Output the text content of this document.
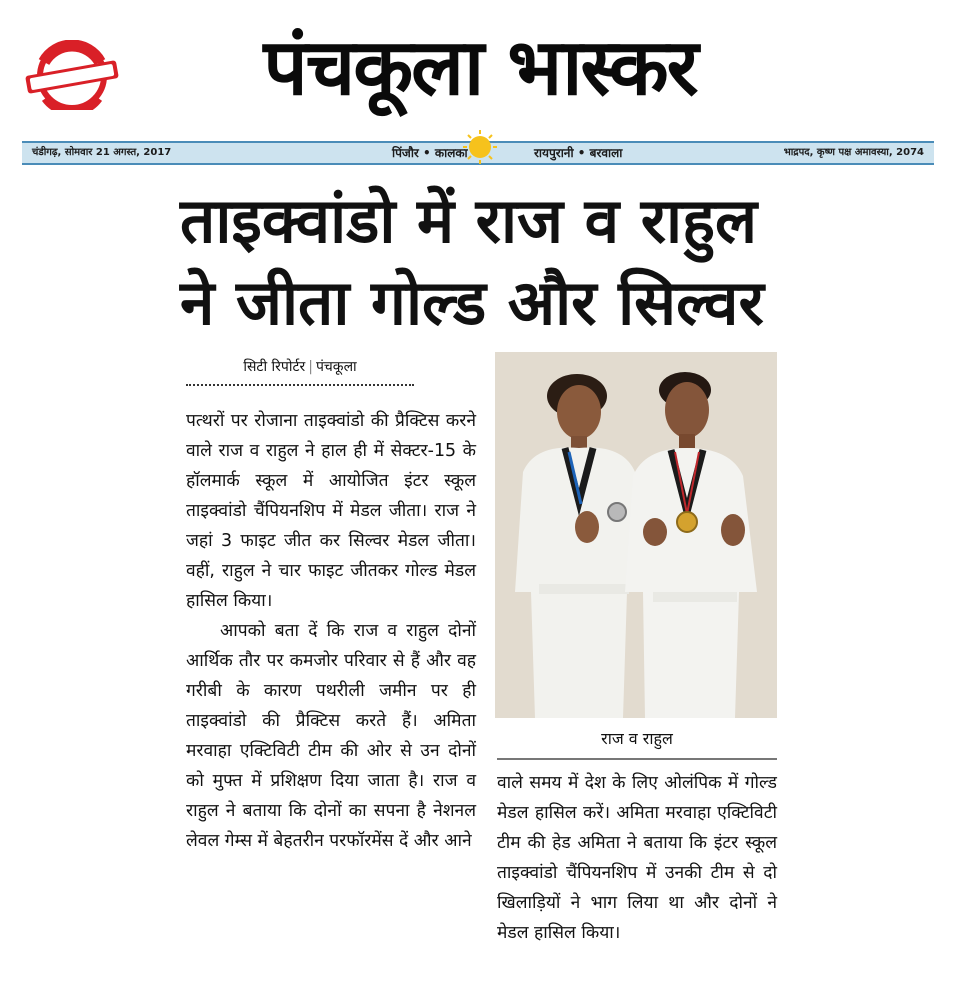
पंचकूला भास्कर
चंडीगढ़, सोमवार 21 अगस्त, 2017	पिंजौर • कालका	रायपुरानी • बरवाला	भाद्रपद, कृष्ण पक्ष अमावस्या, 2074
ताइक्वांडो में राज व राहुल
ने जीता गोल्ड और सिल्वर
सिटी रिपोर्टर | पंचकूला

पत्थरों पर रोजाना ताइक्वांडो की प्रैक्टिस करने वाले राज व राहुल ने हाल ही में सेक्टर-15 के हॉलमार्क स्कूल में आयोजित इंटर स्कूल ताइक्वांडो चैंपियनशिप में मेडल जीता। राज ने जहां 3 फाइट जीत कर सिल्वर मेडल जीता। वहीं, राहुल ने चार फाइट जीतकर गोल्ड मेडल हासिल किया।

आपको बता दें कि राज व राहुल दोनों आर्थिक तौर पर कमजोर परिवार से हैं और वह गरीबी के कारण पथरीली जमीन पर ही ताइक्वांडो की प्रैक्टिस करते हैं। अमिता मरवाहा एक्टिविटी टीम की ओर से उन दोनों को मुफ्त में प्रशिक्षण दिया जाता है। राज व राहुल ने बताया कि दोनों का सपना है नेशनल लेवल गेम्स में बेहतरीन परफॉरमेंस दें और आने

राज व राहुल

वाले समय में देश के लिए ओलंपिक में गोल्ड मेडल हासिल करें। अमिता मरवाहा एक्टिविटी टीम की हेड अमिता ने बताया कि इंटर स्कूल ताइक्वांडो चैंपियनशिप में उनकी टीम से दो खिलाड़ियों ने भाग लिया था और दोनों ने मेडल हासिल किया।
